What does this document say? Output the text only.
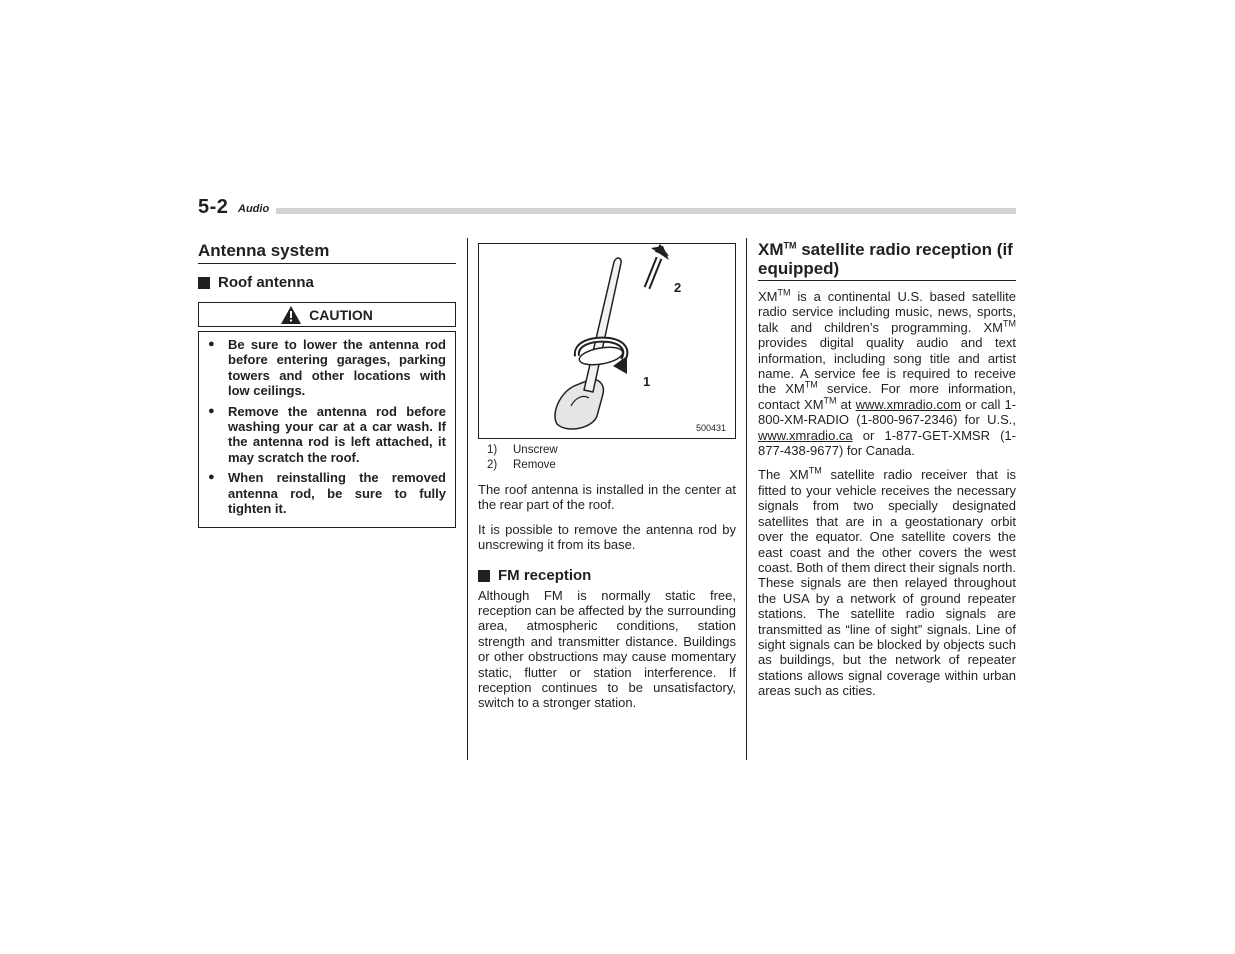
5-2 Audio
Antenna system
Roof antenna
CAUTION
●	Be sure to lower the antenna rod before entering garages, parking towers and other locations with low ceilings.
●	Remove the antenna rod before washing your car at a car wash. If the antenna rod is left attached, it may scratch the roof.
●	When reinstalling the removed antenna rod, be sure to fully tighten it.
2
1
500431
1)	Unscrew
2)	Remove

The roof antenna is installed in the center at the rear part of the roof.

It is possible to remove the antenna rod by unscrewing it from its base.

FM reception

Although FM is normally static free, reception can be affected by the surrounding area, atmospheric conditions, station strength and transmitter distance. Buildings or other obstructions may cause momentary static, flutter or station interference. If reception continues to be unsatisfactory, switch to a stronger station.

XM™ satellite radio reception (if equipped)

XM™ is a continental U.S. based satellite radio service including music, news, sports, talk and children’s programming. XM™ provides digital quality audio and text information, including song title and artist name. A service fee is required to receive the XM™ service. For more information, contact XM™ at www.xmradio.com or call 1-800-XM-RADIO (1-800-967-2346) for U.S., www.xmradio.ca or 1-877-GET-XMSR (1-877-438-9677) for Canada.

The XM™ satellite radio receiver that is fitted to your vehicle receives the necessary signals from two specially designated satellites that are in a geostationary orbit over the equator. One satellite covers the east coast and the other covers the west coast. Both of them direct their signals north. These signals are then relayed throughout the USA by a network of ground repeater stations. The satellite radio signals are transmitted as “line of sight” signals. Line of sight signals can be blocked by objects such as buildings, but the network of repeater stations allows signal coverage within urban areas such as cities.
